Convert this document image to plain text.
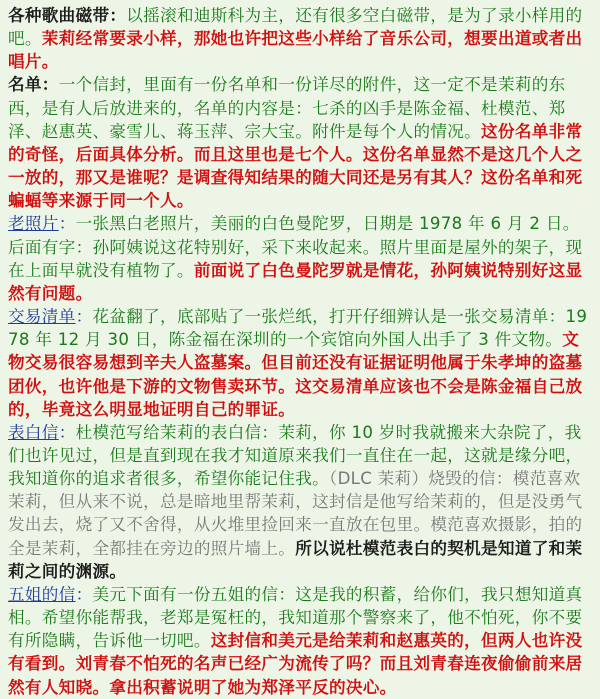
各种歌曲磁带：以摇滚和迪斯科为主，还有很多空白磁带，是为了录小样用的吧。茉莉经常要录小样，那她也许把这些小样给了音乐公司，想要出道或者出唱片。
名单：一个信封，里面有一份名单和一份详尽的附件，这一定不是茉莉的东西，是有人后放进来的，名单的内容是：七杀的凶手是陈金福、杜模范、郑泽、赵惠英、豪雪儿、蒋玉萍、宗大宝。附件是每个人的情况。这份名单非常的奇怪，后面具体分析。而且这里也是七个人。这份名单显然不是这几个人之一放的，那又是谁呢？是调查得知结果的随大同还是另有其人？这份名单和死蝙蝠等来源于同一个人。
老照片：一张黑白老照片，美丽的白色曼陀罗，日期是 1978 年 6 月 2 日。后面有字：孙阿姨说这花特别好，采下来收起来。照片里面是屋外的架子，现在上面早就没有植物了。前面说了白色曼陀罗就是情花，孙阿姨说特别好这显然有问题。
交易清单：花盆翻了，底部贴了一张烂纸，打开仔细辨认是一张交易清单：1978 年 12 月 30 日，陈金福在深圳的一个宾馆向外国人出手了 3 件文物。文物交易很容易想到辛夫人盗墓案。但目前还没有证据证明他属于朱孝坤的盗墓团伙，也许他是下游的文物售卖环节。这交易清单应该也不会是陈金福自己放的，毕竟这么明显地证明自己的罪证。
表白信：杜模范写给茉莉的表白信：茉莉，你 10 岁时我就搬来大杂院了，我们也许见过，但是直到现在我才知道原来我们一直住在一起，这就是缘分吧，我知道你的追求者很多，希望你能记住我。（DLC 茉莉）烧毁的信：模范喜欢茉莉，但从来不说，总是暗地里帮茉莉，这封信是他写给茉莉的，但是没勇气发出去，烧了又不舍得，从火堆里捡回来一直放在包里。模范喜欢摄影，拍的全是茉莉，全都挂在旁边的照片墙上。所以说杜模范表白的契机是知道了和茉莉之间的渊源。
五姐的信：美元下面有一份五姐的信：这是我的积蓄，给你们，我只想知道真相。希望你能帮我，老郑是冤枉的，我知道那个警察来了，他不怕死，你不要有所隐瞒，告诉他一切吧。这封信和美元是给茉莉和赵惠英的，但两人也许没有看到。刘青春不怕死的名声已经广为流传了吗？而且刘青春连夜偷偷前来居然有人知晓。拿出积蓄说明了她为郑泽平反的决心。
